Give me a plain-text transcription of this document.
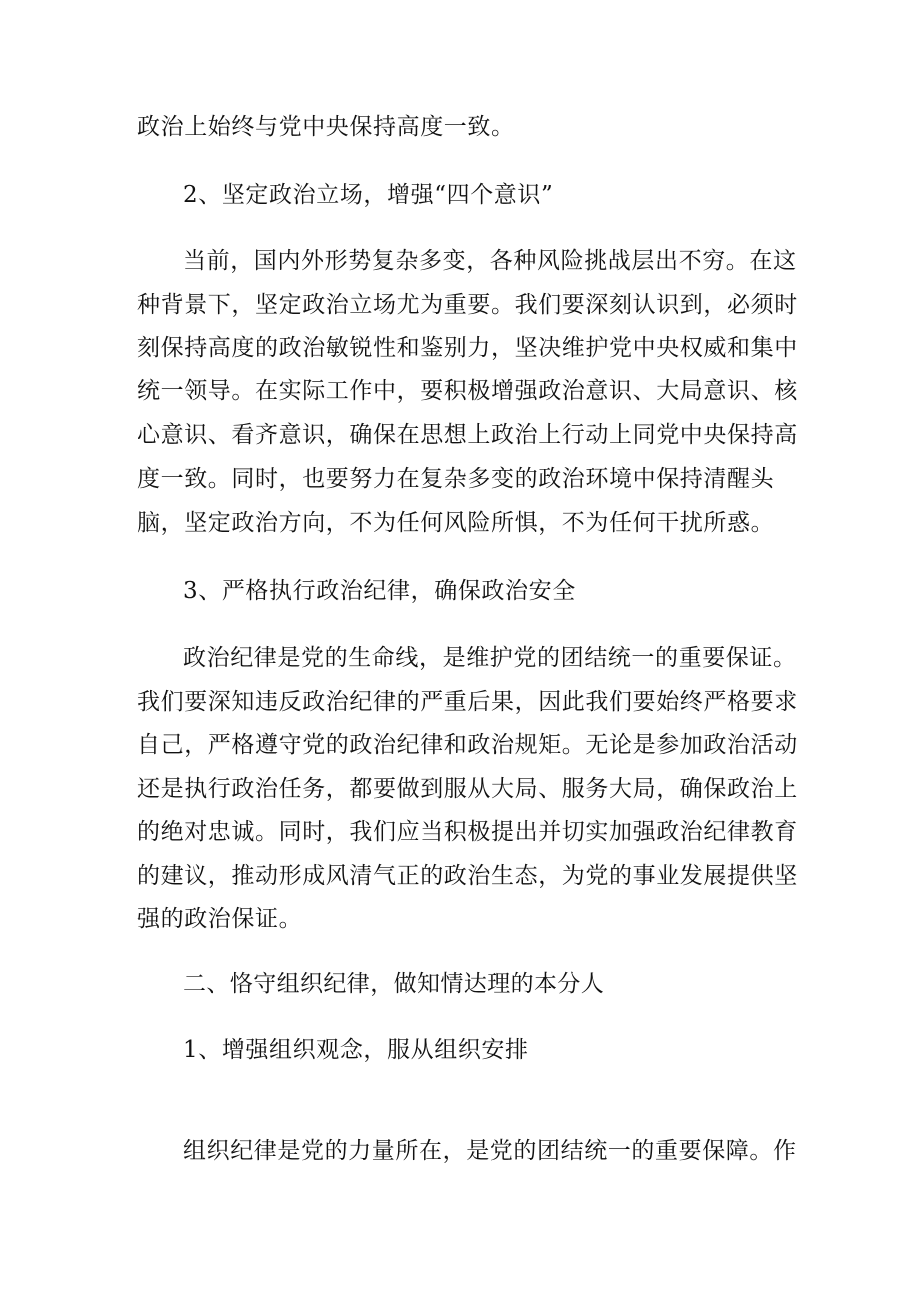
政治上始终与党中央保持高度一致。
2、坚定政治立场，增强“四个意识”
当前，国内外形势复杂多变，各种风险挑战层出不穷。在这
种背景下，坚定政治立场尤为重要。我们要深刻认识到，必须时
刻保持高度的政治敏锐性和鉴别力，坚决维护党中央权威和集中
统一领导。在实际工作中，要积极增强政治意识、大局意识、核
心意识、看齐意识，确保在思想上政治上行动上同党中央保持高
度一致。同时，也要努力在复杂多变的政治环境中保持清醒头
脑，坚定政治方向，不为任何风险所惧，不为任何干扰所惑。
3、严格执行政治纪律，确保政治安全
政治纪律是党的生命线，是维护党的团结统一的重要保证。
我们要深知违反政治纪律的严重后果，因此我们要始终严格要求
自己，严格遵守党的政治纪律和政治规矩。无论是参加政治活动
还是执行政治任务，都要做到服从大局、服务大局，确保政治上
的绝对忠诚。同时，我们应当积极提出并切实加强政治纪律教育
的建议，推动形成风清气正的政治生态，为党的事业发展提供坚
强的政治保证。
二、恪守组织纪律，做知情达理的本分人
1、增强组织观念，服从组织安排
组织纪律是党的力量所在，是党的团结统一的重要保障。作
